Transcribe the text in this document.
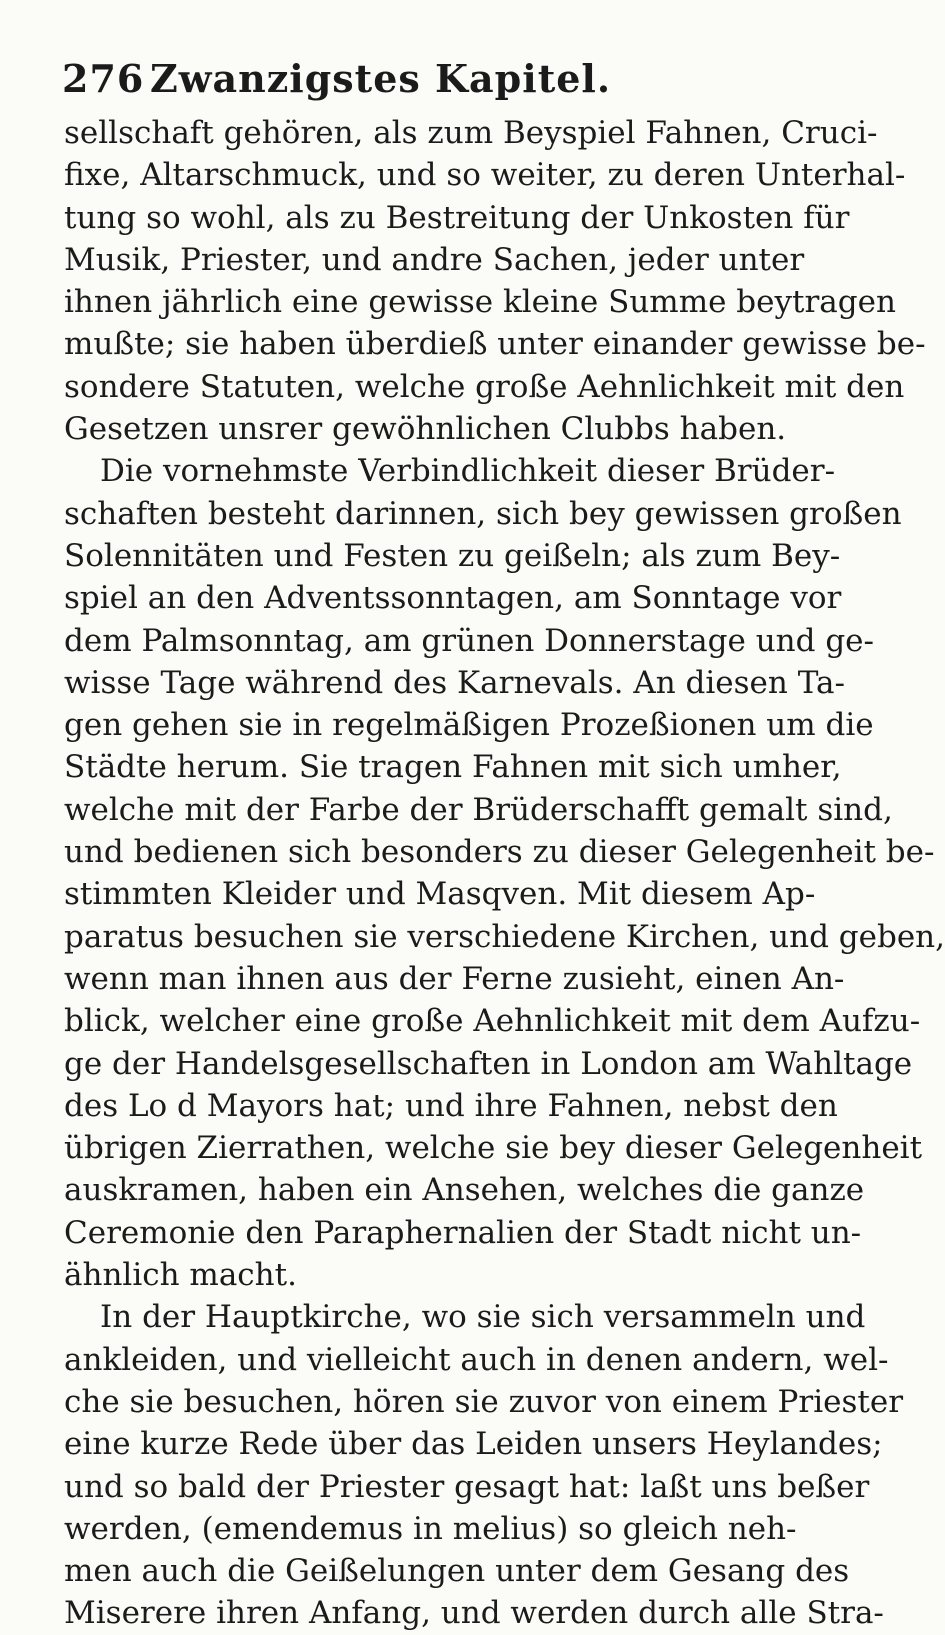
276 Zwanzigstes Kapitel.
sellschaft gehören, als zum Beyspiel Fahnen, Cruci-
fixe, Altarschmuck, und so weiter, zu deren Unterhal-
tung so wohl, als zu Bestreitung der Unkosten für
Musik, Priester, und andre Sachen, jeder unter
ihnen jährlich eine gewisse kleine Summe beytragen
mußte; sie haben überdieß unter einander gewisse be-
sondere Statuten, welche große Aehnlichkeit mit den
Gesetzen unsrer gewöhnlichen Clubbs haben.
Die vornehmste Verbindlichkeit dieser Brüder-
schaften besteht darinnen, sich bey gewissen großen
Solennitäten und Festen zu geißeln; als zum Bey-
spiel an den Adventssonntagen, am Sonntage vor
dem Palmsonntag, am grünen Donnerstage und ge-
wisse Tage während des Karnevals. An diesen Ta-
gen gehen sie in regelmäßigen Prozeßionen um die
Städte herum. Sie tragen Fahnen mit sich umher,
welche mit der Farbe der Brüderschafft gemalt sind,
und bedienen sich besonders zu dieser Gelegenheit be-
stimmten Kleider und Masqven. Mit diesem Ap-
paratus besuchen sie verschiedene Kirchen, und geben,
wenn man ihnen aus der Ferne zusieht, einen An-
blick, welcher eine große Aehnlichkeit mit dem Aufzu-
ge der Handelsgesellschaften in London am Wahltage
des Lo d Mayors hat; und ihre Fahnen, nebst den
übrigen Zierrathen, welche sie bey dieser Gelegenheit
auskramen, haben ein Ansehen, welches die ganze
Ceremonie den Paraphernalien der Stadt nicht un-
ähnlich macht.
In der Hauptkirche, wo sie sich versammeln und
ankleiden, und vielleicht auch in denen andern, wel-
che sie besuchen, hören sie zuvor von einem Priester
eine kurze Rede über das Leiden unsers Heylandes;
und so bald der Priester gesagt hat: laßt uns beßer
werden, (emendemus in melius) so gleich neh-
men auch die Geißelungen unter dem Gesang des
Miserere ihren Anfang, und werden durch alle Stra-
